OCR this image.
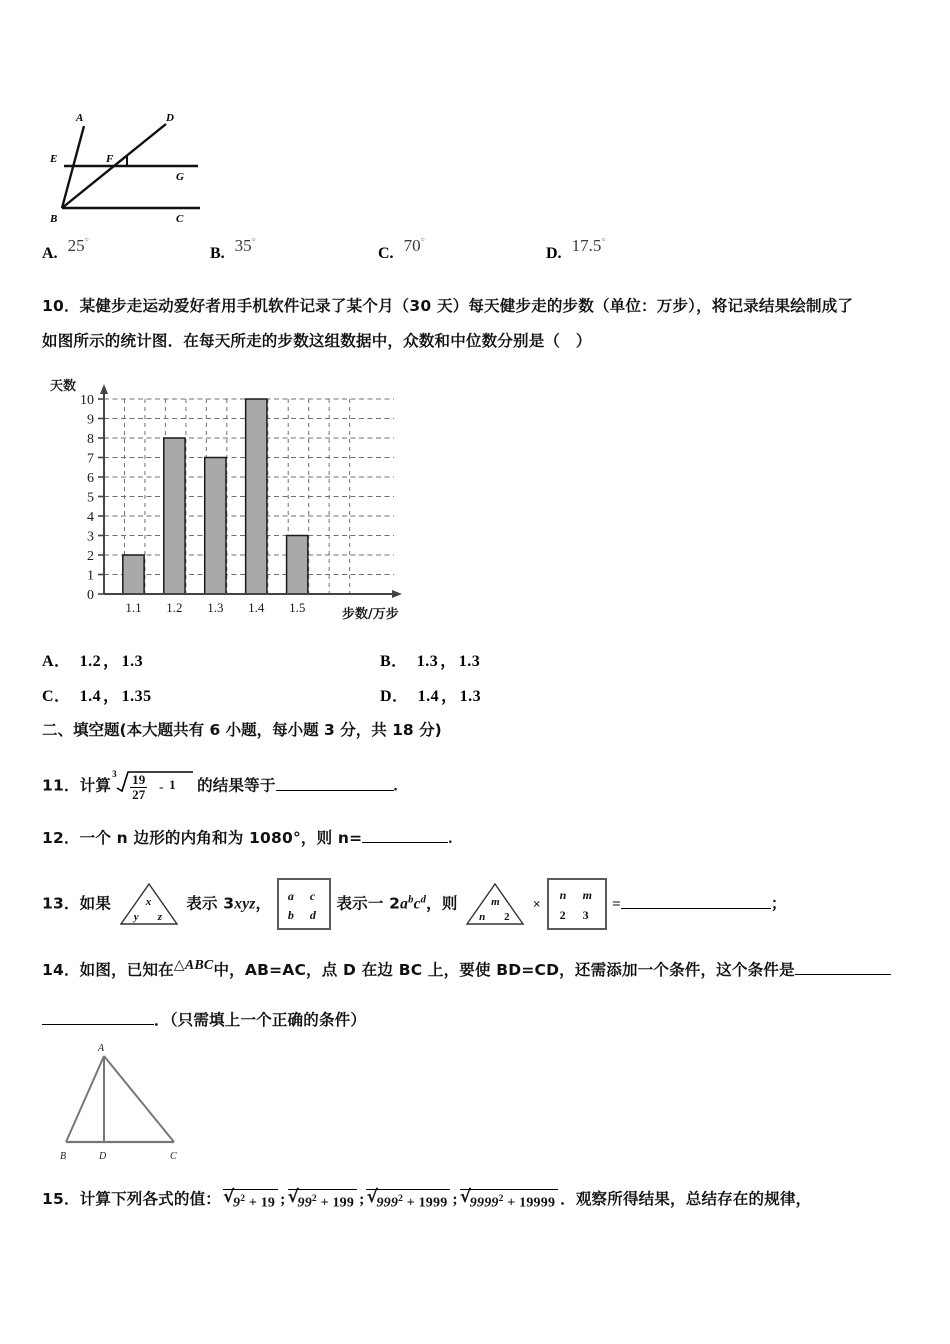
A	D
E	F
G
B	C
A. 25°
B. 35°
C. 70°
D. 17.5°
10．某健步走运动爱好者用手机软件记录了某个月（30 天）每天健步走的步数（单位：万步），将记录结果绘制成了
如图所示的统计图．在每天所走的步数这组数据中，众数和中位数分别是（　）
天数
0
1
2
3
4
5
6
7
8
9
10
1.1 1.2 1.3 1.4 1.5	步数/万步
A． 1.2 ， 1.3	B． 1.3 ， 1.3
C． 1.4 ， 1.35	D． 1.4 ， 1.3
二、填空题(本大题共有 6 小题，每小题 3 分，共 18 分)
11．计算
$3 \frac{19}{27} - 1$ 的结果等于	.
12．一个 n 边形的内角和为 1080°，则 n=	.
13．如果	x
y z
表示 3xyz， a c
b d
表示一 $2a^bc^d$，则	m
n 2
×
n m
2 3
=	；
14．如图，已知在△ABC中，AB=AC，点 D 在边 BC 上，要使 BD=CD，还需添加一个条件，这个条件是
．（只需填上一个正确的条件）
A
B	D	C
15．计算下列各式的值： √
$9^2 + 19$ ; √
$99^2 + 199$ ; √
$999^2 + 1999$ ; √
$9999^2 + 19999$ ．观察所得结果，总结存在的规律，
